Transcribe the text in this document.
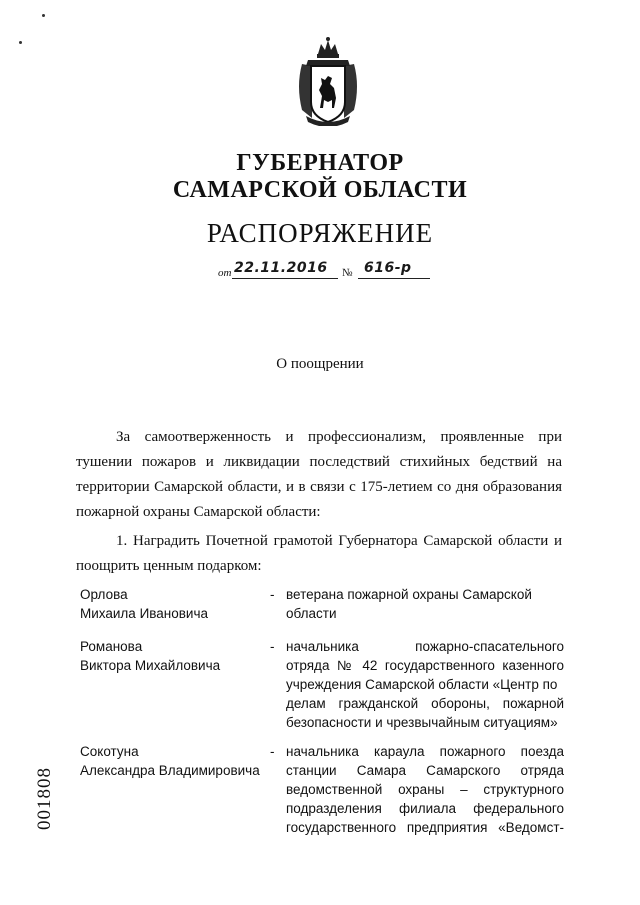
ГУБЕРНАТОР
САМАРСКОЙ ОБЛАСТИ
РАСПОРЯЖЕНИЕ
от 22.11.2016 № 616-р
О поощрении
За самоотверженность и профессионализм, проявленные при тушении пожаров и ликвидации последствий стихийных бедствий на территории Самарской области, и в связи с 175-летием со дня образования пожарной охраны Самарской области:
1. Наградить Почетной грамотой Губернатора Самарской области и поощрить ценным подарком:
Орлова
Михаила Ивановича
- ветерана пожарной охраны Самарской
области
Романова
Виктора Михайловича
- начальника пожарно-спасательного
отряда № 42 государственного казенного
учреждения Самарской области «Центр по
делам гражданской обороны, пожарной
безопасности и чрезвычайным ситуациям»
Сокотуна
Александра Владимировича
- начальника караула пожарного поезда
станции Самара Самарского отряда
ведомственной охраны – структурного
подразделения филиала федерального
государственного предприятия «Ведомст-
001808
